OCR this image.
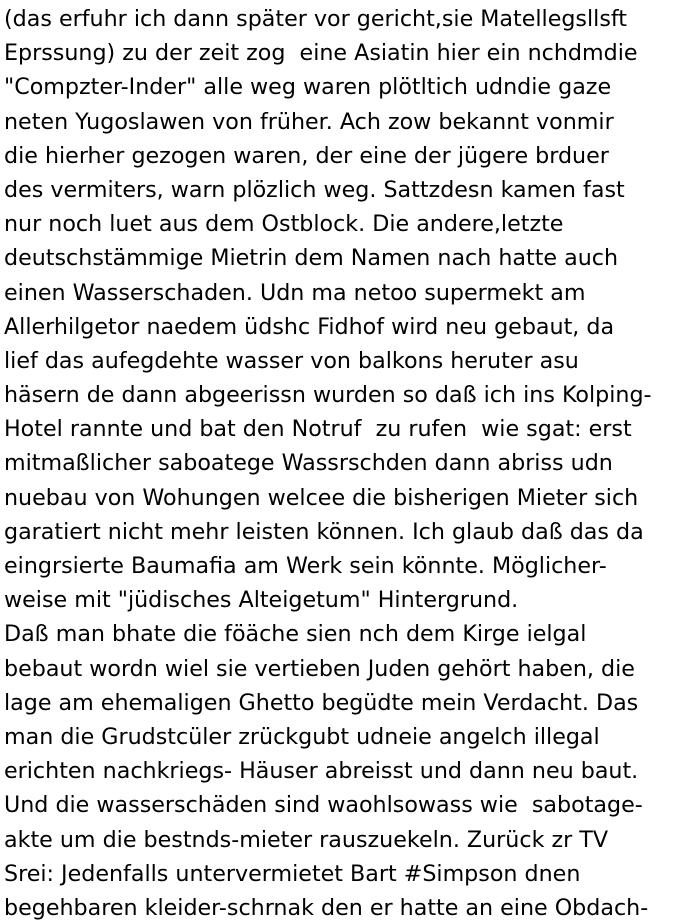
(das erfuhr ich dann später vor gericht,sie Matellegsllsft
Eprssung) zu der zeit zog  eine Asiatin hier ein nchdmdie
"Compzter-Inder" alle weg waren plötltich udndie gaze
neten Yugoslawen von früher. Ach zow bekannt vonmir
die hierher gezogen waren, der eine der jügere brduer
des vermiters, warn plözlich weg. Sattzdesn kamen fast
nur noch luet aus dem Ostblock. Die andere,letzte
deutschstämmige Mietrin dem Namen nach hatte auch
einen Wasserschaden. Udn ma netoo supermekt am
Allerhilgetor naedem üdshc Fidhof wird neu gebaut, da
lief das aufegdehte wasser von balkons heruter asu
häsern de dann abgeerissn wurden so daß ich ins Kolping-
Hotel rannte und bat den Notruf  zu rufen  wie sgat: erst
mitmaßlicher saboatege Wassrschden dann abriss udn
nuebau von Wohungen welcee die bisherigen Mieter sich
garatiert nicht mehr leisten können. Ich glaub daß das da
eingrsierte Baumafia am Werk sein könnte. Möglicher-
weise mit "jüdisches Alteigetum" Hintergrund.
Daß man bhate die föäche sien nch dem Kirge ielgal
bebaut wordn wiel sie vertieben Juden gehört haben, die
lage am ehemaligen Ghetto begüdte mein Verdacht. Das
man die Grudstcüler zrückgubt udneie angelch illegal
erichten nachkriegs- Häuser abreisst und dann neu baut.
Und die wasserschäden sind waohlsowass wie  sabotage-
akte um die bestnds-mieter rauszuekeln. Zurück zr TV
Srei: Jedenfalls untervermietet Bart #Simpson dnen
begehbaren kleider-schrnak den er hatte an eine Obdach-
